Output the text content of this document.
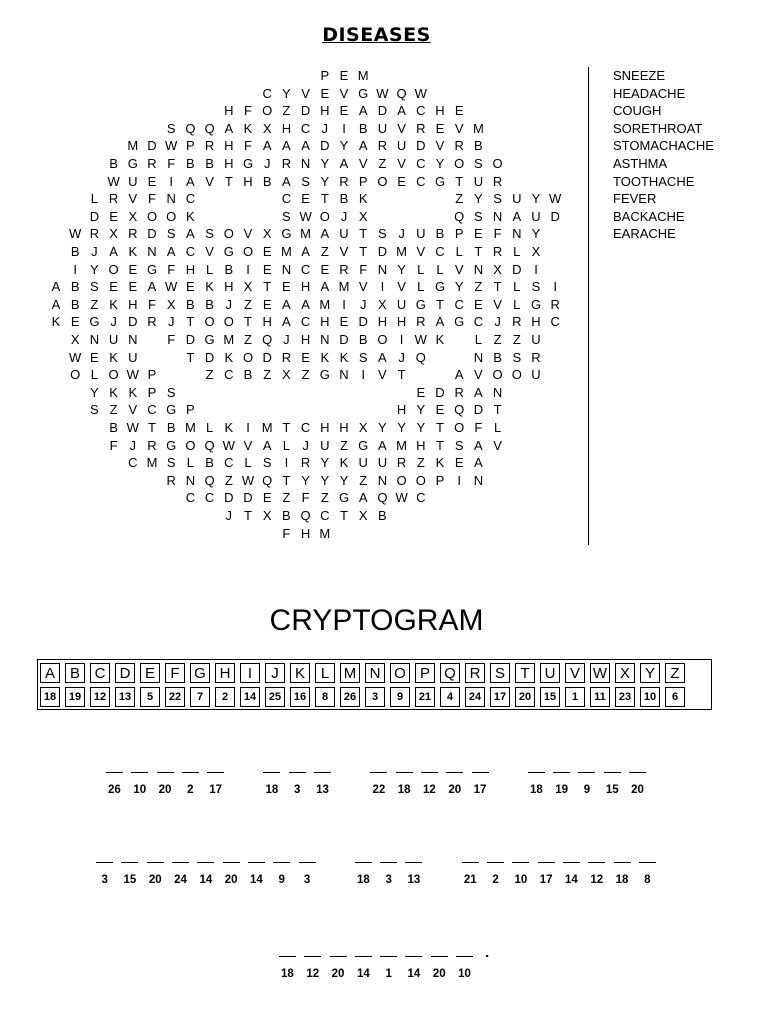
DISEASES
P E M
C Y V E V G W Q W
H F O Z D H E A D A C H E
S Q Q A K X H C J	I	B U V R E V M
M D W P R H F A A A D Y A R U D V R B
B G R F B B H G J R N Y A V Z V C Y O S O
W U E	I	A V T H B A S Y R P O E C G T U R
L R V F N C	C E T B K	Z Y S U Y W
D E X O O K	S W O J X	Q S N A U D
W R X R D S A S O V X G M A U T S J U B P E F N Y
B J A K N A C V G O E M A Z V T D M V C L T R L X
I	Y O E G F H L B	I	E N C E R F N Y L L V N X D I
A B S E E A W E K H X T E H A M V	I	V L G Y Z T L S	I
A B Z K H F X B B J Z E A A M I	J X U G T C E V L G R
K E G J D R J T O O T H A C H E D H H R A G C J R H C
X N U N	F D G M Z Q J H N D B O I W K	L Z Z U
W E K U	T D K O D R E K K S A J Q	N B S R
O L O W P	Z C B Z X Z G N I	V T	A V O O U
Y K K P S	E D R A N
S Z V C G P	H Y E Q D T
B W T B M L K	I M T C H H X Y Y Y T O F L
F J R G O Q W V A L J U Z G A M H T S A V
C M S L B C L S	I R Y K U U R Z K E A
R N Q Z W Q T Y Y Y Z N O O P	I N
C C D D E Z F Z G A Q W C
J T X B Q C T X B
F H M
SNEEZE
HEADACHE
COUGH
SORETHROAT
STOMACHACHE
ASTHMA
TOOTHACHE
FEVER
BACKACHE
EARACHE
CRYPTOGRAM
A B C D E	F G H	I	J	K	L M N O P Q R S	T	U V W X Y	Z
18	19	12	13	5	22	7	2	14	25	16	8	26	3	9	21	4	24	17	20	15	1	11	23	10	6
26	10	20	2	17	18	3	13	22	18	12	20	17	18	19	9	15	20
3	15	20	24	14	20	14	9	3	18	3	13	21	2	10	17	14	12	18	8
18	12	20	14	1	14	20	10
.
